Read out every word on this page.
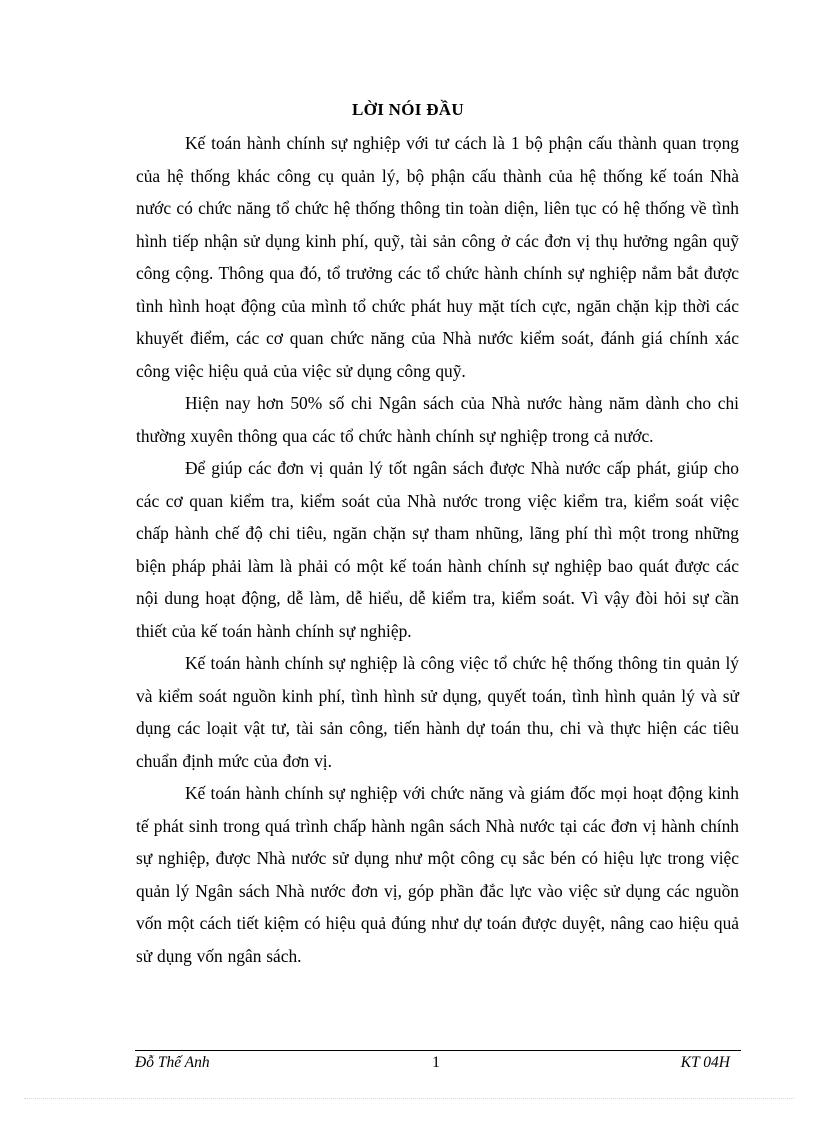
LỜI NÓI ĐẦU

Kế toán hành chính sự nghiệp với tư cách là 1 bộ phận cấu thành quan trọng của hệ thống khác công cụ quản lý, bộ phận cấu thành của hệ thống kế toán Nhà nước có chức năng tổ chức hệ thống thông tin toàn diện, liên tục có hệ thống về tình hình tiếp nhận sử dụng kinh phí, quỹ, tài sản công ở các đơn vị thụ hưởng ngân quỹ công cộng. Thông qua đó, tổ trưởng các tổ chức hành chính sự nghiệp nắm bắt được tình hình hoạt động của mình tổ chức phát huy mặt tích cực, ngăn chặn kịp thời các khuyết điểm, các cơ quan chức năng của Nhà nước kiểm soát, đánh giá chính xác công việc hiệu quả của việc sử dụng công quỹ.

Hiện nay hơn 50% số chi Ngân sách của Nhà nước hàng năm dành cho chi thường xuyên thông qua các tổ chức hành chính sự nghiệp trong cả nước.

Để giúp các đơn vị quản lý tốt ngân sách được Nhà nước cấp phát, giúp cho các cơ quan kiểm tra, kiểm soát của Nhà nước trong việc kiểm tra, kiểm soát việc chấp hành chế độ chi tiêu, ngăn chặn sự tham nhũng, lãng phí thì một trong những biện pháp phải làm là phải có một kế toán hành chính sự nghiệp bao quát được các nội dung hoạt động, dễ làm, dễ hiểu, dễ kiểm tra, kiểm soát. Vì vậy đòi hỏi sự cần thiết của kế toán hành chính sự nghiệp.

Kế toán hành chính sự nghiệp là công việc tổ chức hệ thống thông tin quản lý và kiểm soát nguồn kinh phí, tình hình sử dụng, quyết toán, tình hình quản lý và sử dụng các loạit vật tư, tài sản công, tiến hành dự toán thu, chi và thực hiện các tiêu chuẩn định mức của đơn vị.

Kế toán hành chính sự nghiệp với chức năng và giám đốc mọi hoạt động kinh tế phát sinh trong quá trình chấp hành ngân sách Nhà nước tại các đơn vị hành chính sự nghiệp, được Nhà nước sử dụng như một công cụ sắc bén có hiệu lực trong việc quản lý Ngân sách Nhà nước đơn vị, góp phần đắc lực vào việc sử dụng các nguồn vốn một cách tiết kiệm có hiệu quả đúng như dự toán được duyệt, nâng cao hiệu quả sử dụng vốn ngân sách.

Đỗ Thế Anh	1	KT 04H
